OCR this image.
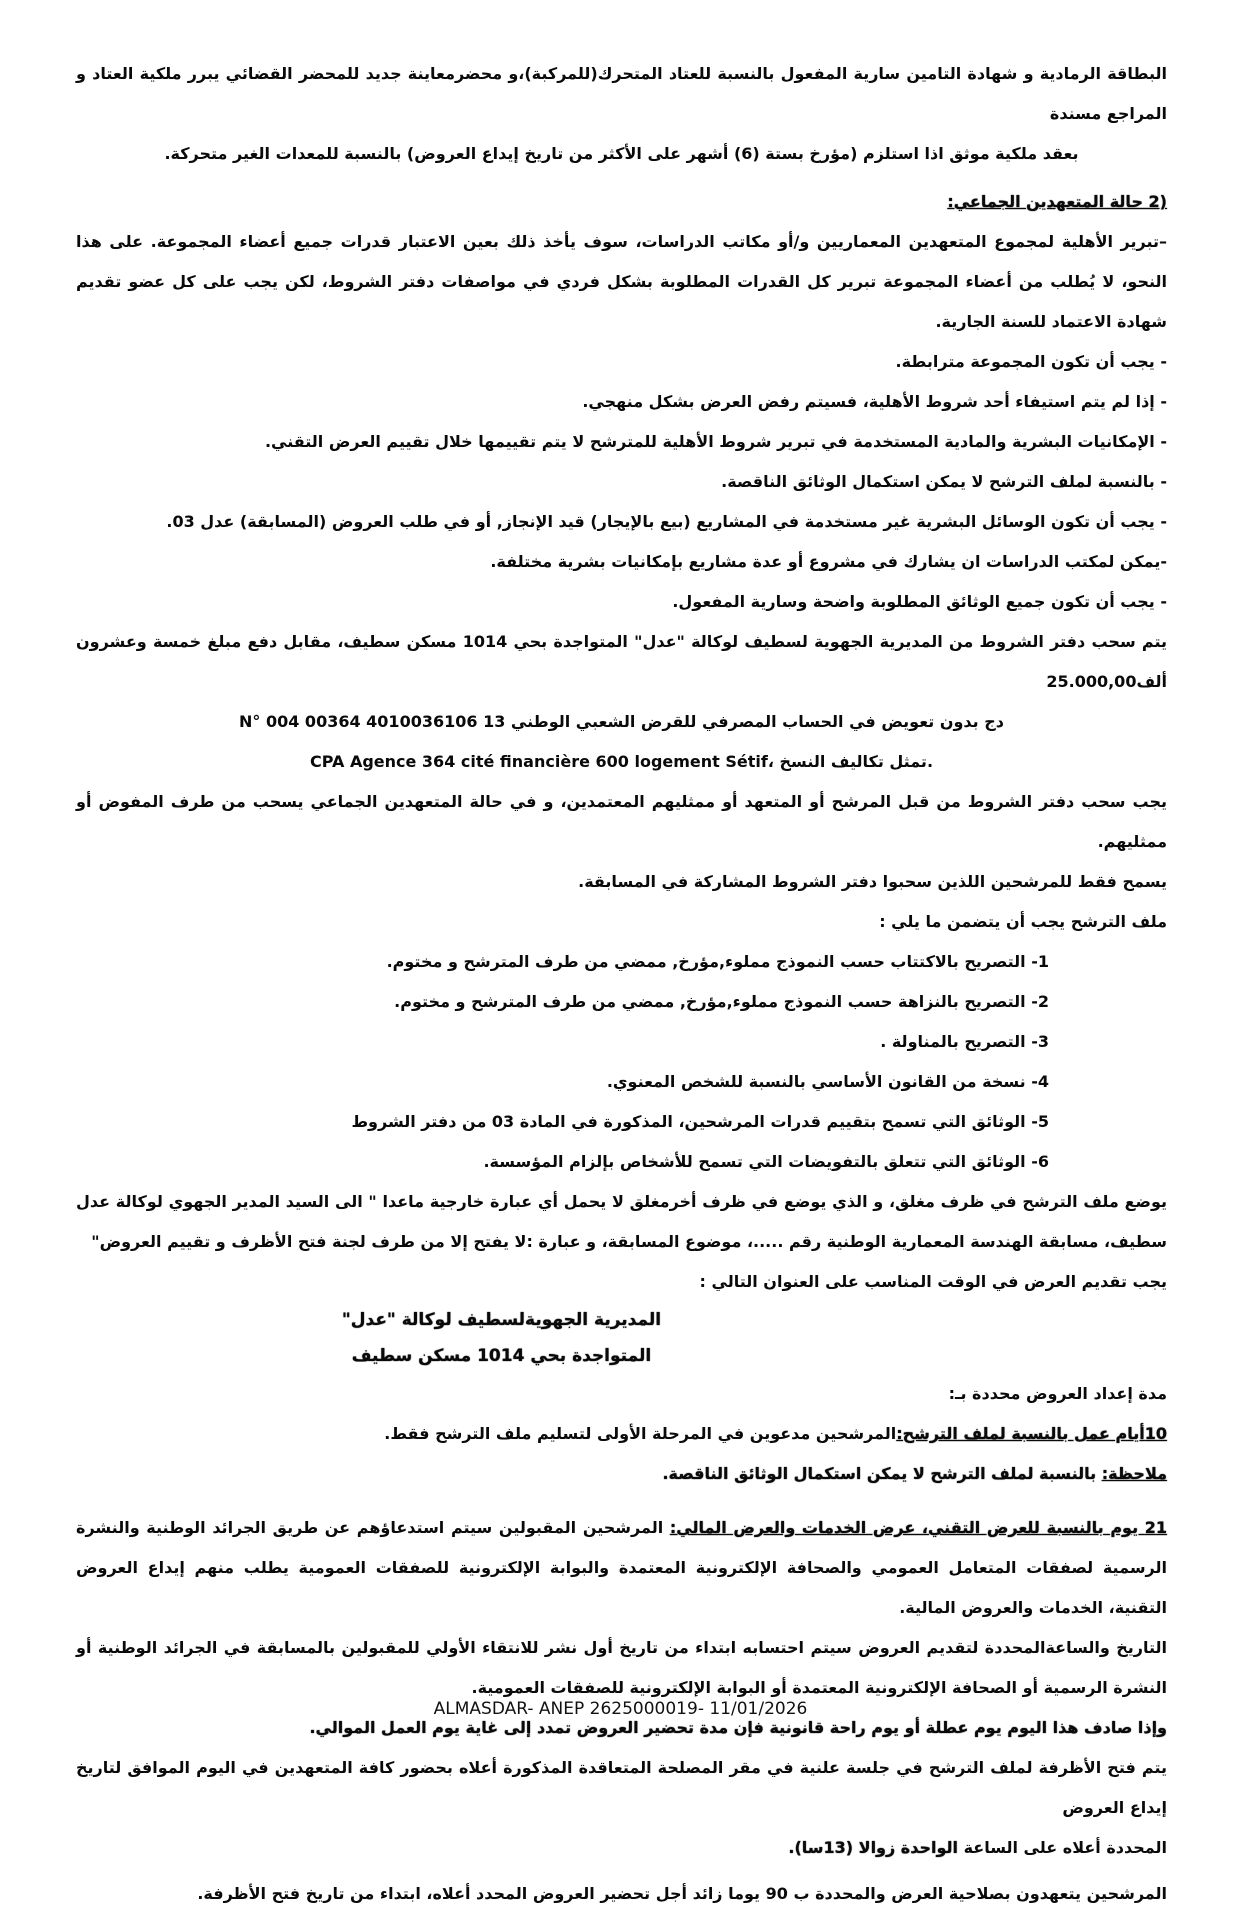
البطاقة الرمادية و شهادة التامين سارية المفعول بالنسبة للعتاد المتحرك(للمركبة)،و محضرمعاينة جديد للمحضر القضائي يبرر ملكية العتاد و المراجع مسندة
بعقد ملكية موثق اذا استلزم (مؤرخ بستة (6) أشهر على الأكثر من تاريخ إيداع العروض) بالنسبة للمعدات الغير متحركة.
2) حالة المتعهدين الجماعي:
–تبرير الأهلية لمجموع المتعهدين المعماريين و/أو مكاتب الدراسات، سوف يأخذ ذلك بعين الاعتبار قدرات جميع أعضاء المجموعة. على هذا النحو، لا يُطلب من أعضاء المجموعة تبرير كل القدرات المطلوبة بشكل فردي في مواصفات دفتر الشروط، لكن يجب على كل عضو تقديم شهادة الاعتماد للسنة الجارية.
- يجب أن تكون المجموعة مترابطة.
- إذا لم يتم استيفاء أحد شروط الأهلية، فسيتم رفض العرض بشكل منهجي.
- الإمكانيات البشرية والمادية المستخدمة في تبرير شروط الأهلية للمترشح لا يتم تقييمها خلال تقييم العرض التقني.
- بالنسبة لملف الترشح لا يمكن استكمال الوثائق الناقصة.
- يجب أن تكون الوسائل البشرية غير مستخدمة في المشاريع (بيع بالإيجار) قيد الإنجاز, أو في طلب العروض (المسابقة) عدل 03.
-يمكن لمكتب الدراسات ان يشارك في مشروع أو عدة مشاريع بإمكانيات بشرية مختلفة.
- يجب أن تكون جميع الوثائق المطلوبة واضحة وسارية المفعول.
يتم سحب دفتر الشروط من المديرية الجهوية لسطيف لوكالة "عدل" المتواجدة بحي 1014 مسكن سطيف، مقابل دفع مبلغ خمسة وعشرون ألف25.000,00
دج بدون تعويض في الحساب المصرفي للقرض الشعبي الوطني N° 004 00364 4010036106 13
CPA Agence 364 cité financière 600 logement Sétif، تمثل تكاليف النسخ.
يجب سحب دفتر الشروط من قبل المرشح أو المتعهد أو ممثليهم المعتمدين، و في حالة المتعهدين الجماعي يسحب من طرف المفوض أو ممثليهم.
يسمح فقط للمرشحين اللذين سحبوا دفتر الشروط المشاركة في المسابقة.
ملف الترشح يجب أن يتضمن ما يلي :
1- التصريح بالاكتتاب حسب النموذج مملوء,مؤرخ, ممضي من طرف المترشح و مختوم.
2- التصريح بالنزاهة حسب النموذج مملوء,مؤرخ, ممضي من طرف المترشح و مختوم.
3- التصريح بالمناولة .
4- نسخة من القانون الأساسي بالنسبة للشخص المعنوي.
5- الوثائق التي تسمح بتقييم قدرات المرشحين، المذكورة في المادة 03 من دفتر الشروط
6- الوثائق التي تتعلق بالتفويضات التي تسمح للأشخاص بإلزام المؤسسة.
يوضع ملف الترشح في ظرف مغلق، و الذي يوضع في ظرف أخرمغلق لا يحمل أي عبارة خارجية ماعدا " الى السيد المدير الجهوي لوكالة عدل سطيف، مسابقة الهندسة المعمارية الوطنية رقم .....، موضوع المسابقة، و عبارة :لا يفتح إلا من طرف لجنة فتح الأظرف و تقييم العروض"
يجب تقديم العرض في الوقت المناسب على العنوان التالي :
المديرية الجهويةلسطيف لوكالة "عدل"
المتواجدة بحي 1014 مسكن سطيف
مدة إعداد العروض محددة بـ:
10أيام عمل بالنسبة لملف الترشح:المرشحين مدعوين في المرحلة الأولى لتسليم ملف الترشح فقط.
ملاحظة: بالنسبة لملف الترشح لا يمكن استكمال الوثائق الناقصة.
21 يوم بالنسبة للعرض التقني، عرض الخدمات والعرض المالي: المرشحين المقبولين سيتم استدعاؤهم عن طريق الجرائد الوطنية والنشرة الرسمية لصفقات المتعامل العمومي والصحافة الإلكترونية المعتمدة والبوابة الإلكترونية للصفقات العمومية يطلب منهم إيداع العروض التقنية، الخدمات والعروض المالية.
التاريخ والساعةالمحددة لتقديم العروض سيتم احتسابه ابتداء من تاريخ أول نشر للانتقاء الأولي للمقبولين بالمسابقة في الجرائد الوطنية أو النشرة الرسمية أو الصحافة الإلكترونية المعتمدة أو البوابة الإلكترونية للصفقات العمومية.
وإذا صادف هذا اليوم يوم عطلة أو يوم راحة قانونية فإن مدة تحضير العروض تمدد إلى غاية يوم العمل الموالي.
يتم فتح الأظرفة لملف الترشح في جلسة علنية في مقر المصلحة المتعاقدة المذكورة أعلاه بحضور كافة المتعهدين في اليوم الموافق لتاريخ إيداع العروض
المحددة أعلاه على الساعة الواحدة زوالا (13سا).
المرشحين يتعهدون بصلاحية العرض والمحددة ب 90 يوما زائد أجل تحضير العروض المحدد أعلاه، ابتداء من تاريخ فتح الأظرفة.
ALMASDAR- ANEP 2625000019- 11/01/2026
